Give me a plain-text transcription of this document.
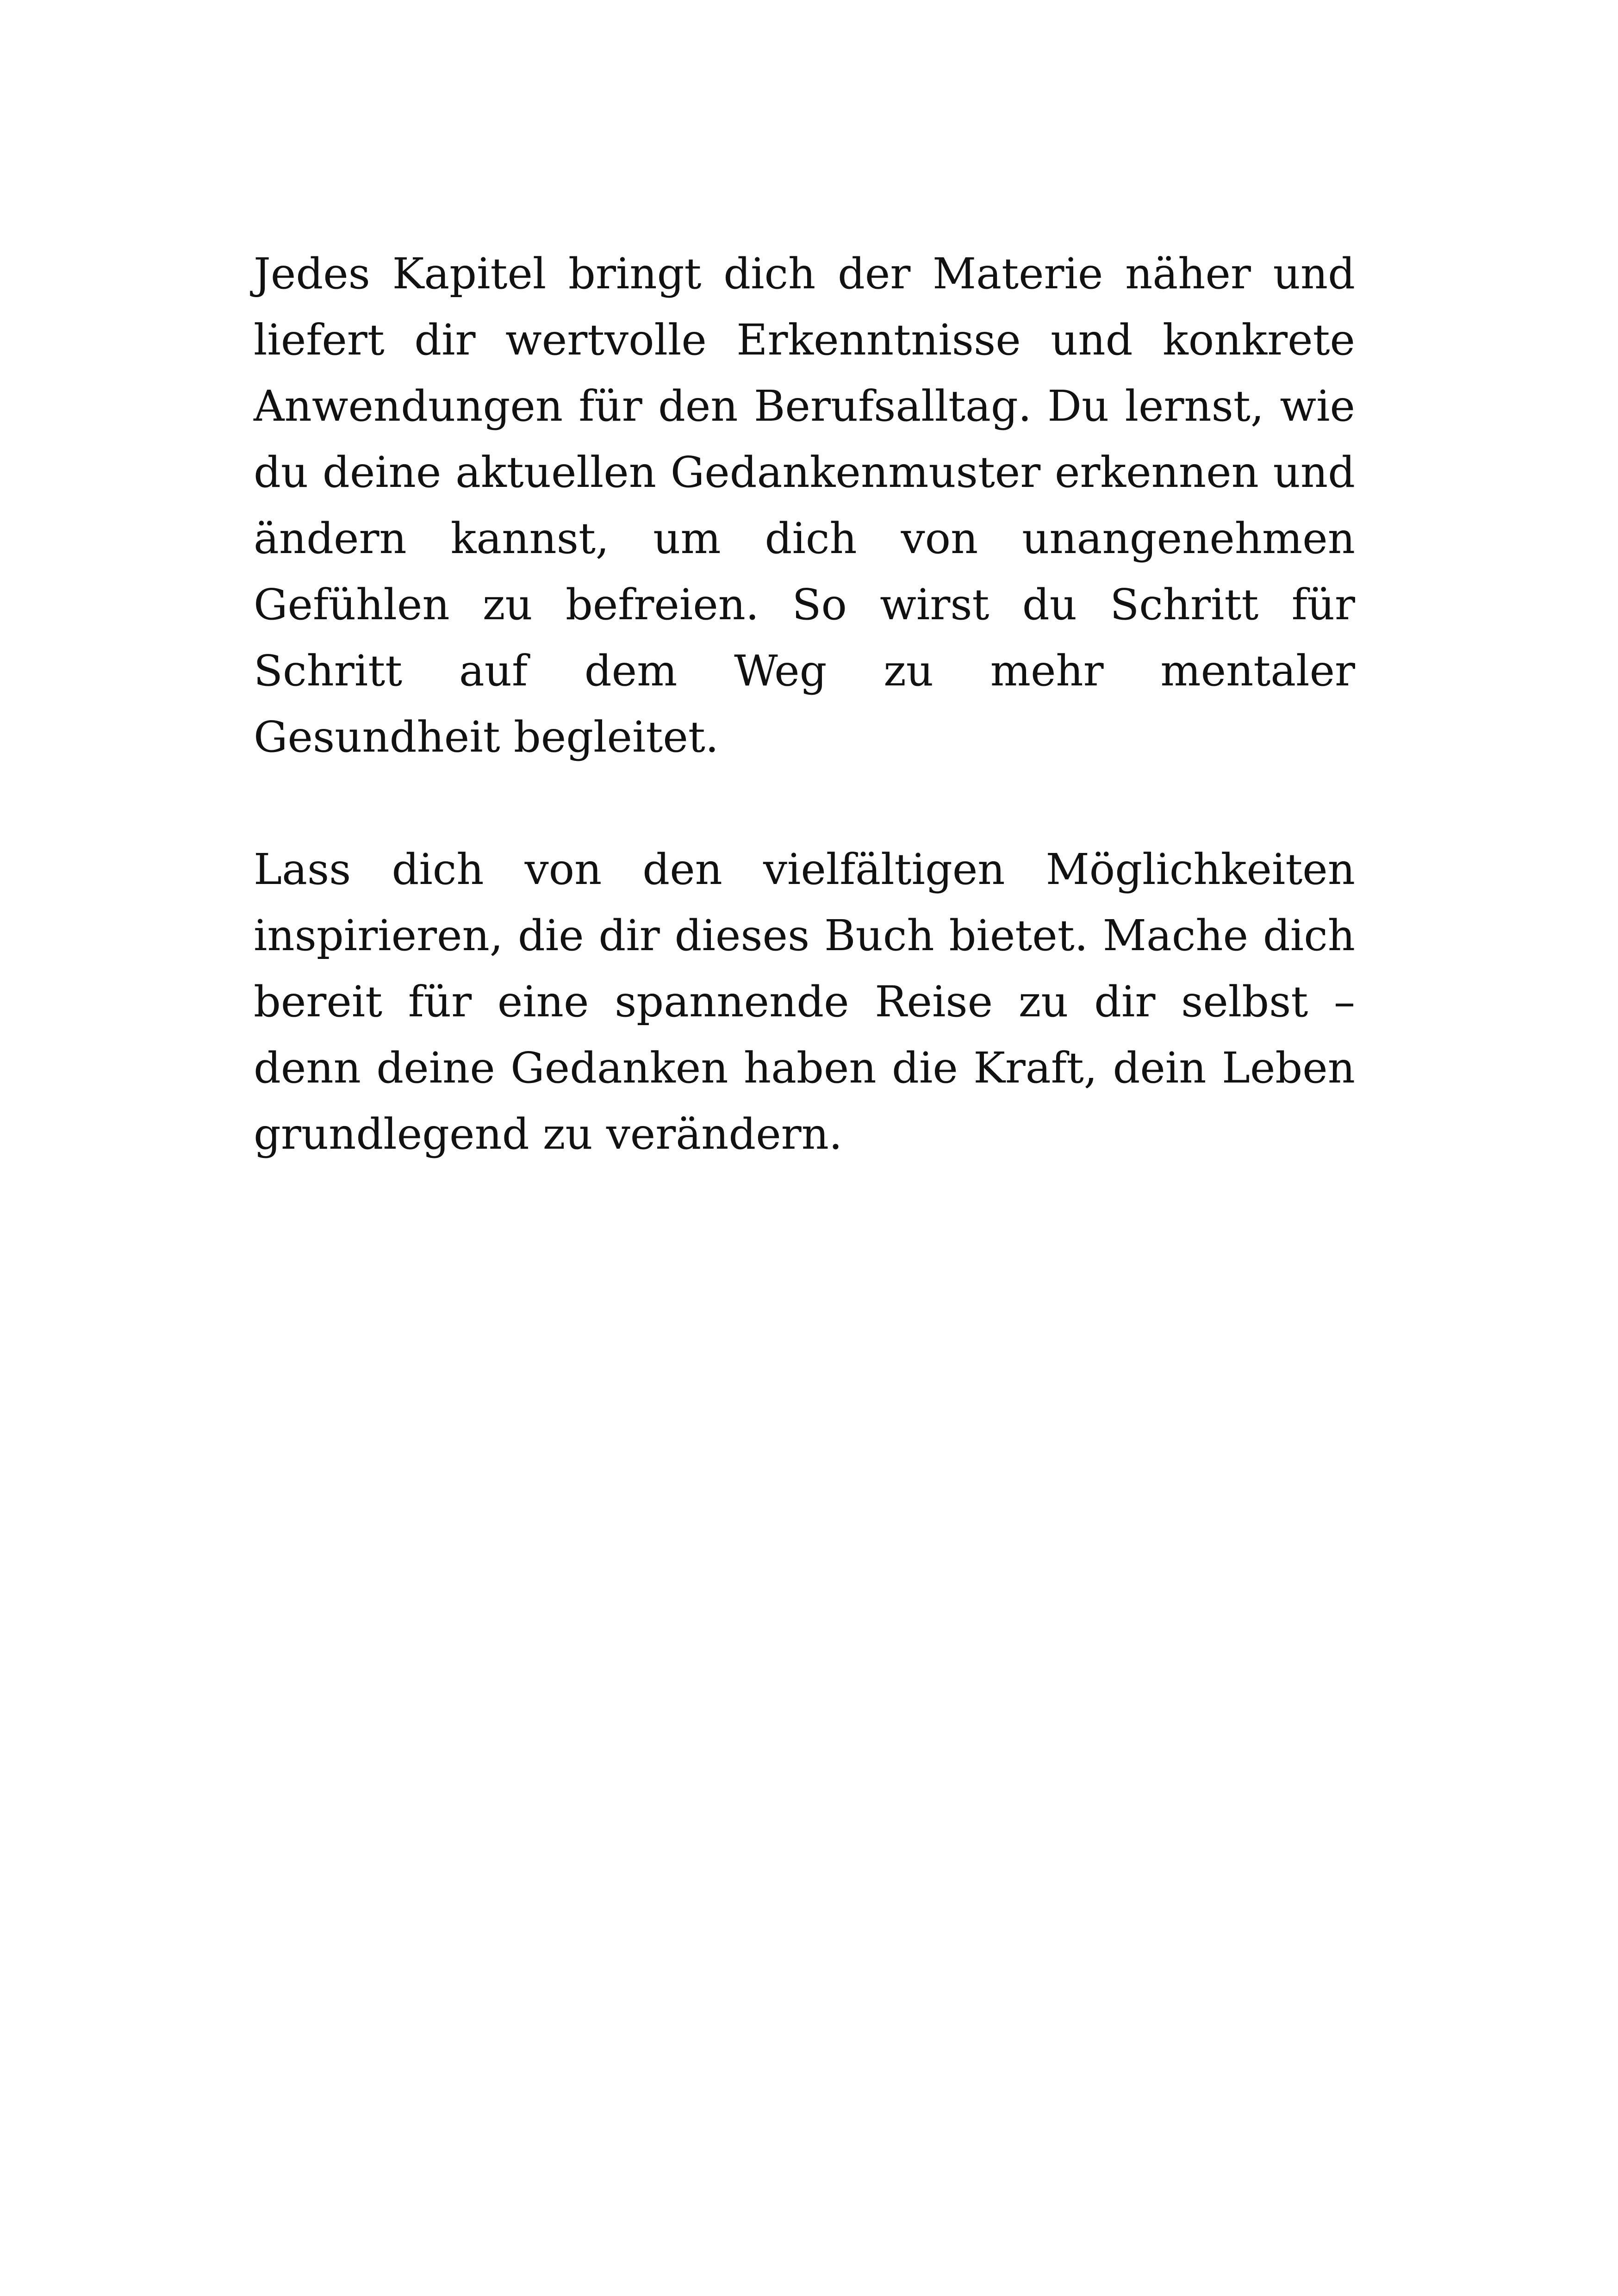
Jedes Kapitel bringt dich der Materie näher und liefert dir wertvolle Erkenntnisse und konkrete Anwendungen für den Berufsalltag. Du lernst, wie du deine aktuellen Gedankenmuster erkennen und ändern kannst, um dich von unangenehmen Gefühlen zu befreien. So wirst du Schritt für Schritt auf dem Weg zu mehr mentaler Gesundheit begleitet.

Lass dich von den vielfältigen Möglichkeiten inspirieren, die dir dieses Buch bietet. Mache dich bereit für eine spannende Reise zu dir selbst – denn deine Gedanken haben die Kraft, dein Leben grundlegend zu verändern.
